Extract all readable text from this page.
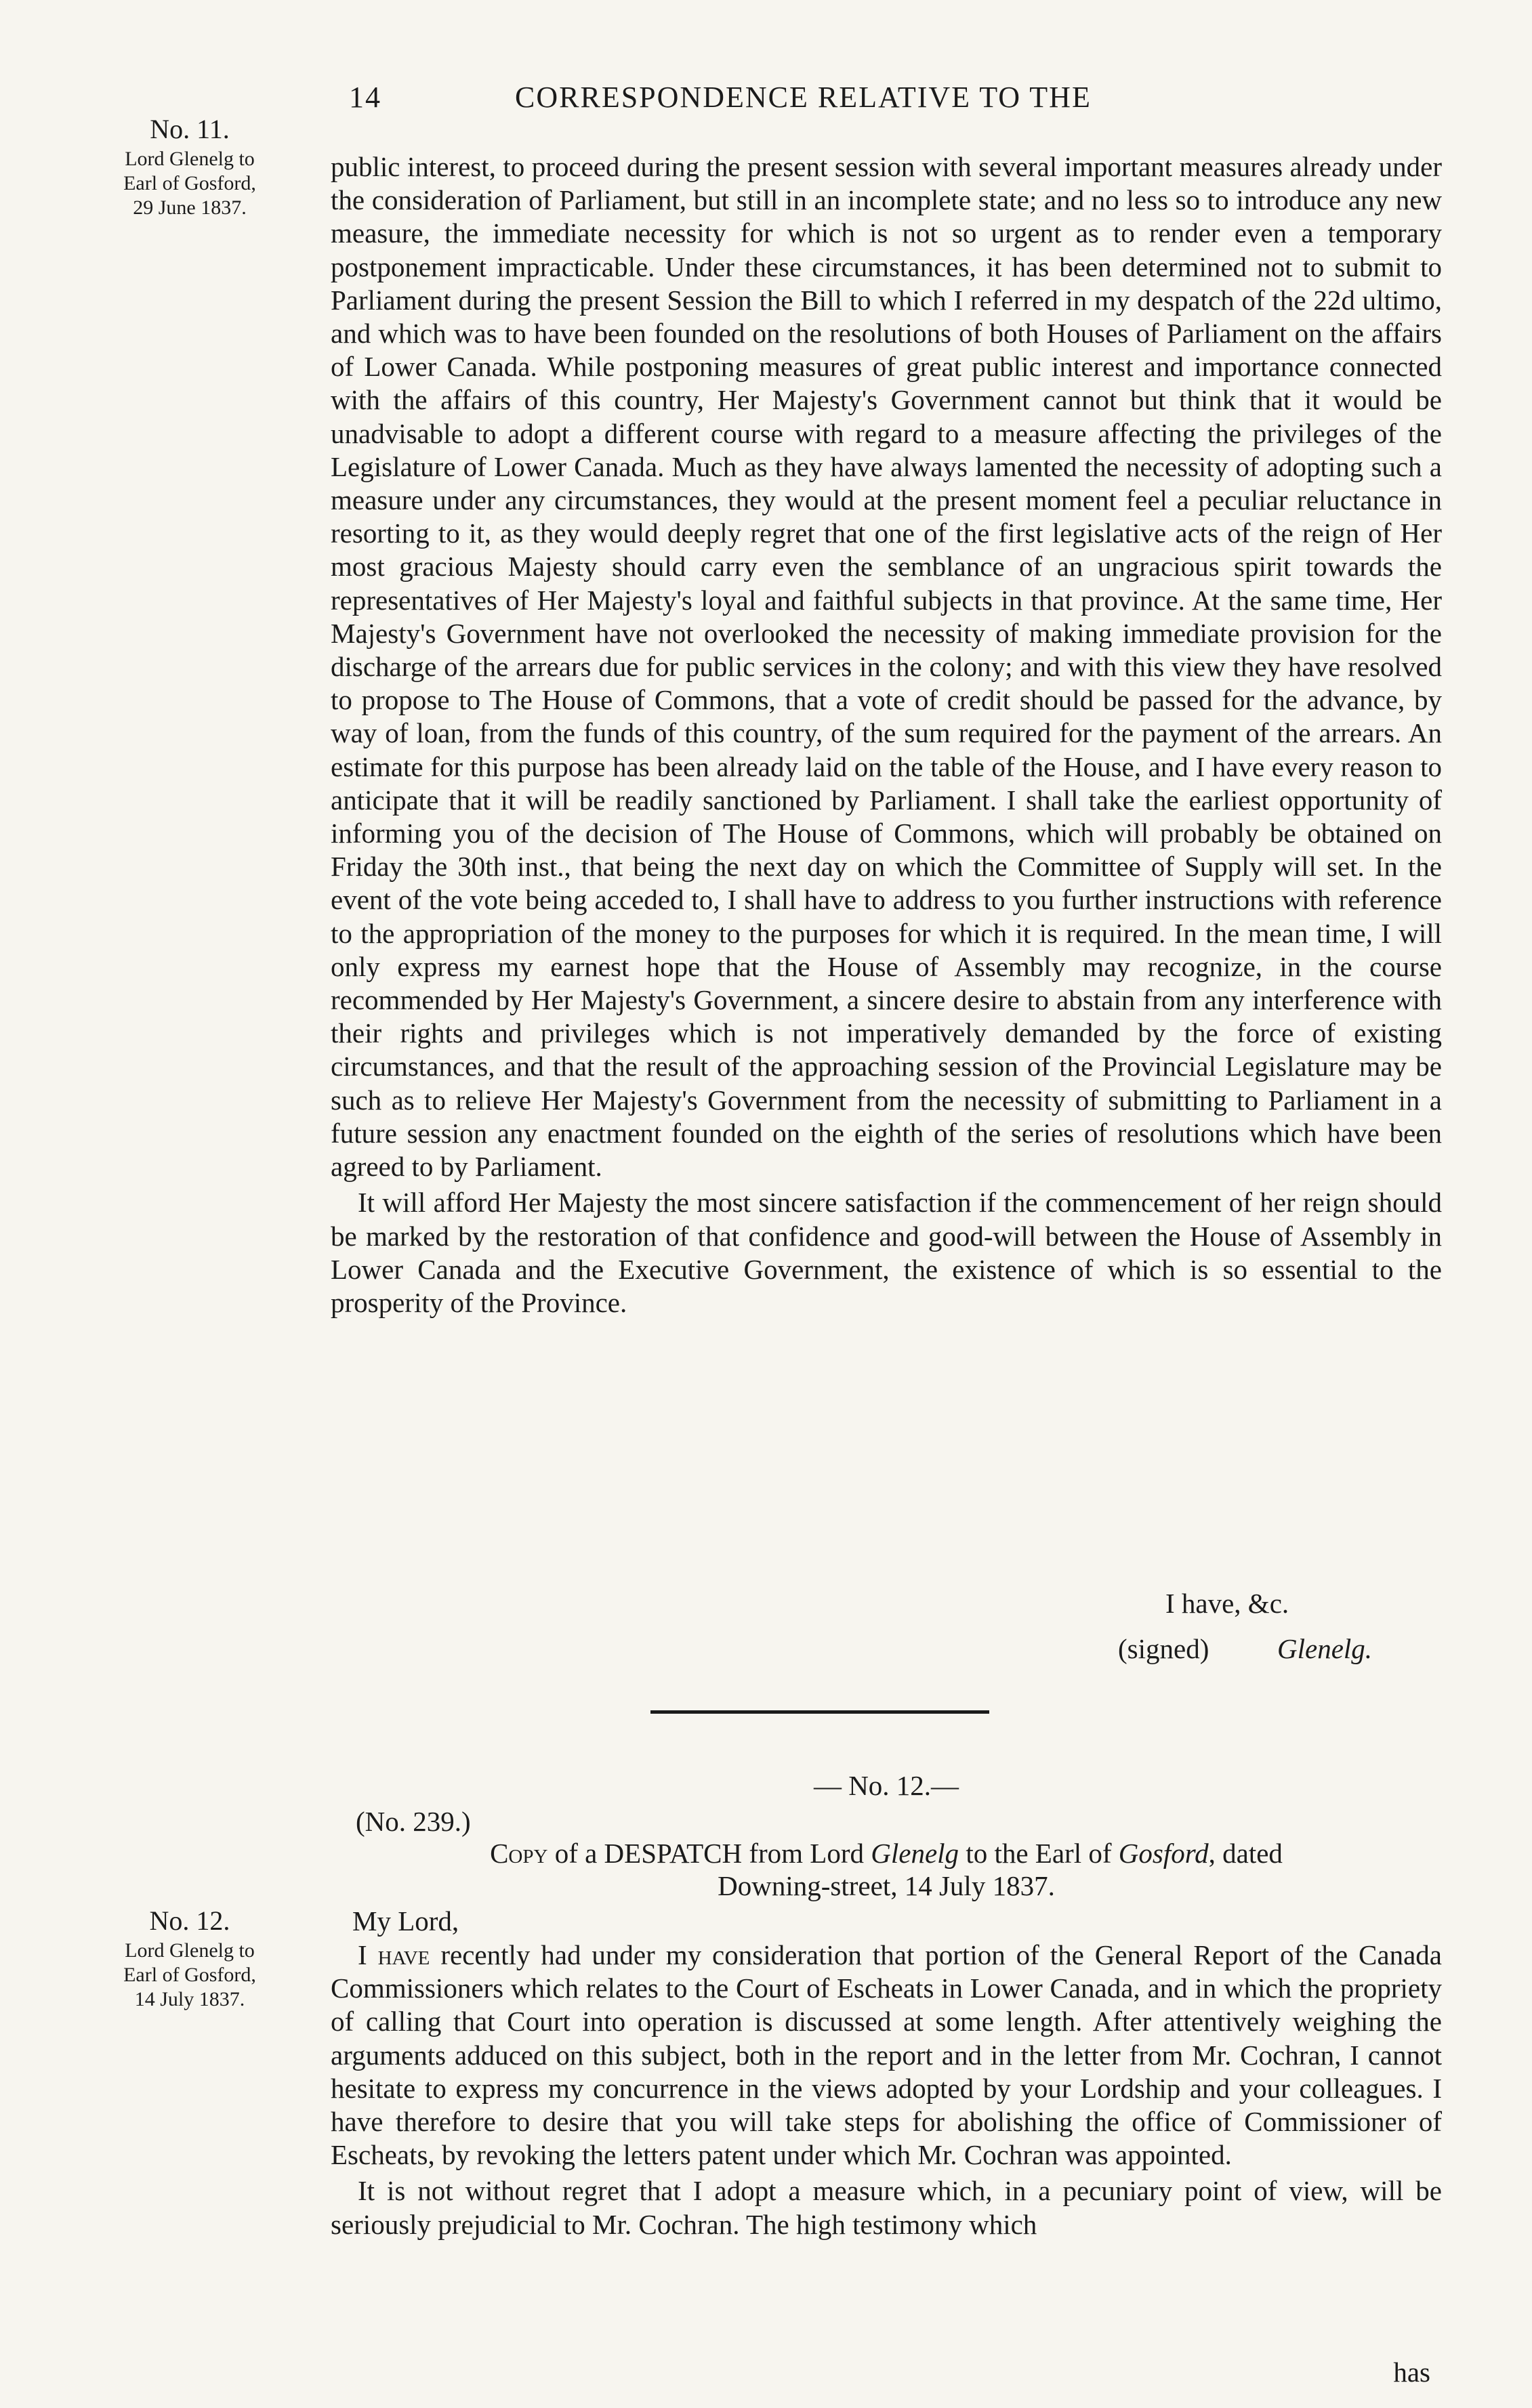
14	CORRESPONDENCE RELATIVE TO THE
No. 11.
Lord Glenelg to
Earl of Gosford,
29 June 1837.

public interest, to proceed during the present session with several important measures already under the consideration of Parliament, but still in an incomplete state; and no less so to introduce any new measure, the immediate necessity for which is not so urgent as to render even a temporary postponement impracticable. Under these circumstances, it has been determined not to submit to Parliament during the present Session the Bill to which I referred in my despatch of the 22d ultimo, and which was to have been founded on the resolutions of both Houses of Parliament on the affairs of Lower Canada. While postponing measures of great public interest and importance connected with the affairs of this country, Her Majesty's Government cannot but think that it would be unadvisable to adopt a different course with regard to a measure affecting the privileges of the Legislature of Lower Canada. Much as they have always lamented the necessity of adopting such a measure under any circumstances, they would at the present moment feel a peculiar reluctance in resorting to it, as they would deeply regret that one of the first legislative acts of the reign of Her most gracious Majesty should carry even the semblance of an ungracious spirit towards the representatives of Her Majesty's loyal and faithful subjects in that province. At the same time, Her Majesty's Government have not overlooked the necessity of making immediate provision for the discharge of the arrears due for public services in the colony; and with this view they have resolved to propose to The House of Commons, that a vote of credit should be passed for the advance, by way of loan, from the funds of this country, of the sum required for the payment of the arrears. An estimate for this purpose has been already laid on the table of the House, and I have every reason to anticipate that it will be readily sanctioned by Parliament. I shall take the earliest opportunity of informing you of the decision of The House of Commons, which will probably be obtained on Friday the 30th inst., that being the next day on which the Committee of Supply will set. In the event of the vote being acceded to, I shall have to address to you further instructions with reference to the appropriation of the money to the purposes for which it is required. In the mean time, I will only express my earnest hope that the House of Assembly may recognize, in the course recommended by Her Majesty's Government, a sincere desire to abstain from any interference with their rights and privileges which is not imperatively demanded by the force of existing circumstances, and that the result of the approaching session of the Provincial Legislature may be such as to relieve Her Majesty's Government from the necessity of submitting to Parliament in a future session any enactment founded on the eighth of the series of resolutions which have been agreed to by Parliament.

It will afford Her Majesty the most sincere satisfaction if the commencement of her reign should be marked by the restoration of that confidence and good-will between the House of Assembly in Lower Canada and the Executive Government, the existence of which is so essential to the prosperity of the Province.

I have, &c.
(signed) Glenelg.
— No. 12.—
(No. 239.)
Copy of a DESPATCH from Lord Glenelg to the Earl of Gosford, dated
Downing-street, 14 July 1837.
No. 12.
Lord Glenelg to
Earl of Gosford,
14 July 1837.
My Lord,

I have recently had under my consideration that portion of the General Report of the Canada Commissioners which relates to the Court of Escheats in Lower Canada, and in which the propriety of calling that Court into operation is discussed at some length. After attentively weighing the arguments adduced on this subject, both in the report and in the letter from Mr. Cochran, I cannot hesitate to express my concurrence in the views adopted by your Lordship and your colleagues. I have therefore to desire that you will take steps for abolishing the office of Commissioner of Escheats, by revoking the letters patent under which Mr. Cochran was appointed.

It is not without regret that I adopt a measure which, in a pecuniary point of view, will be seriously prejudicial to Mr. Cochran. The high testimony which

has
